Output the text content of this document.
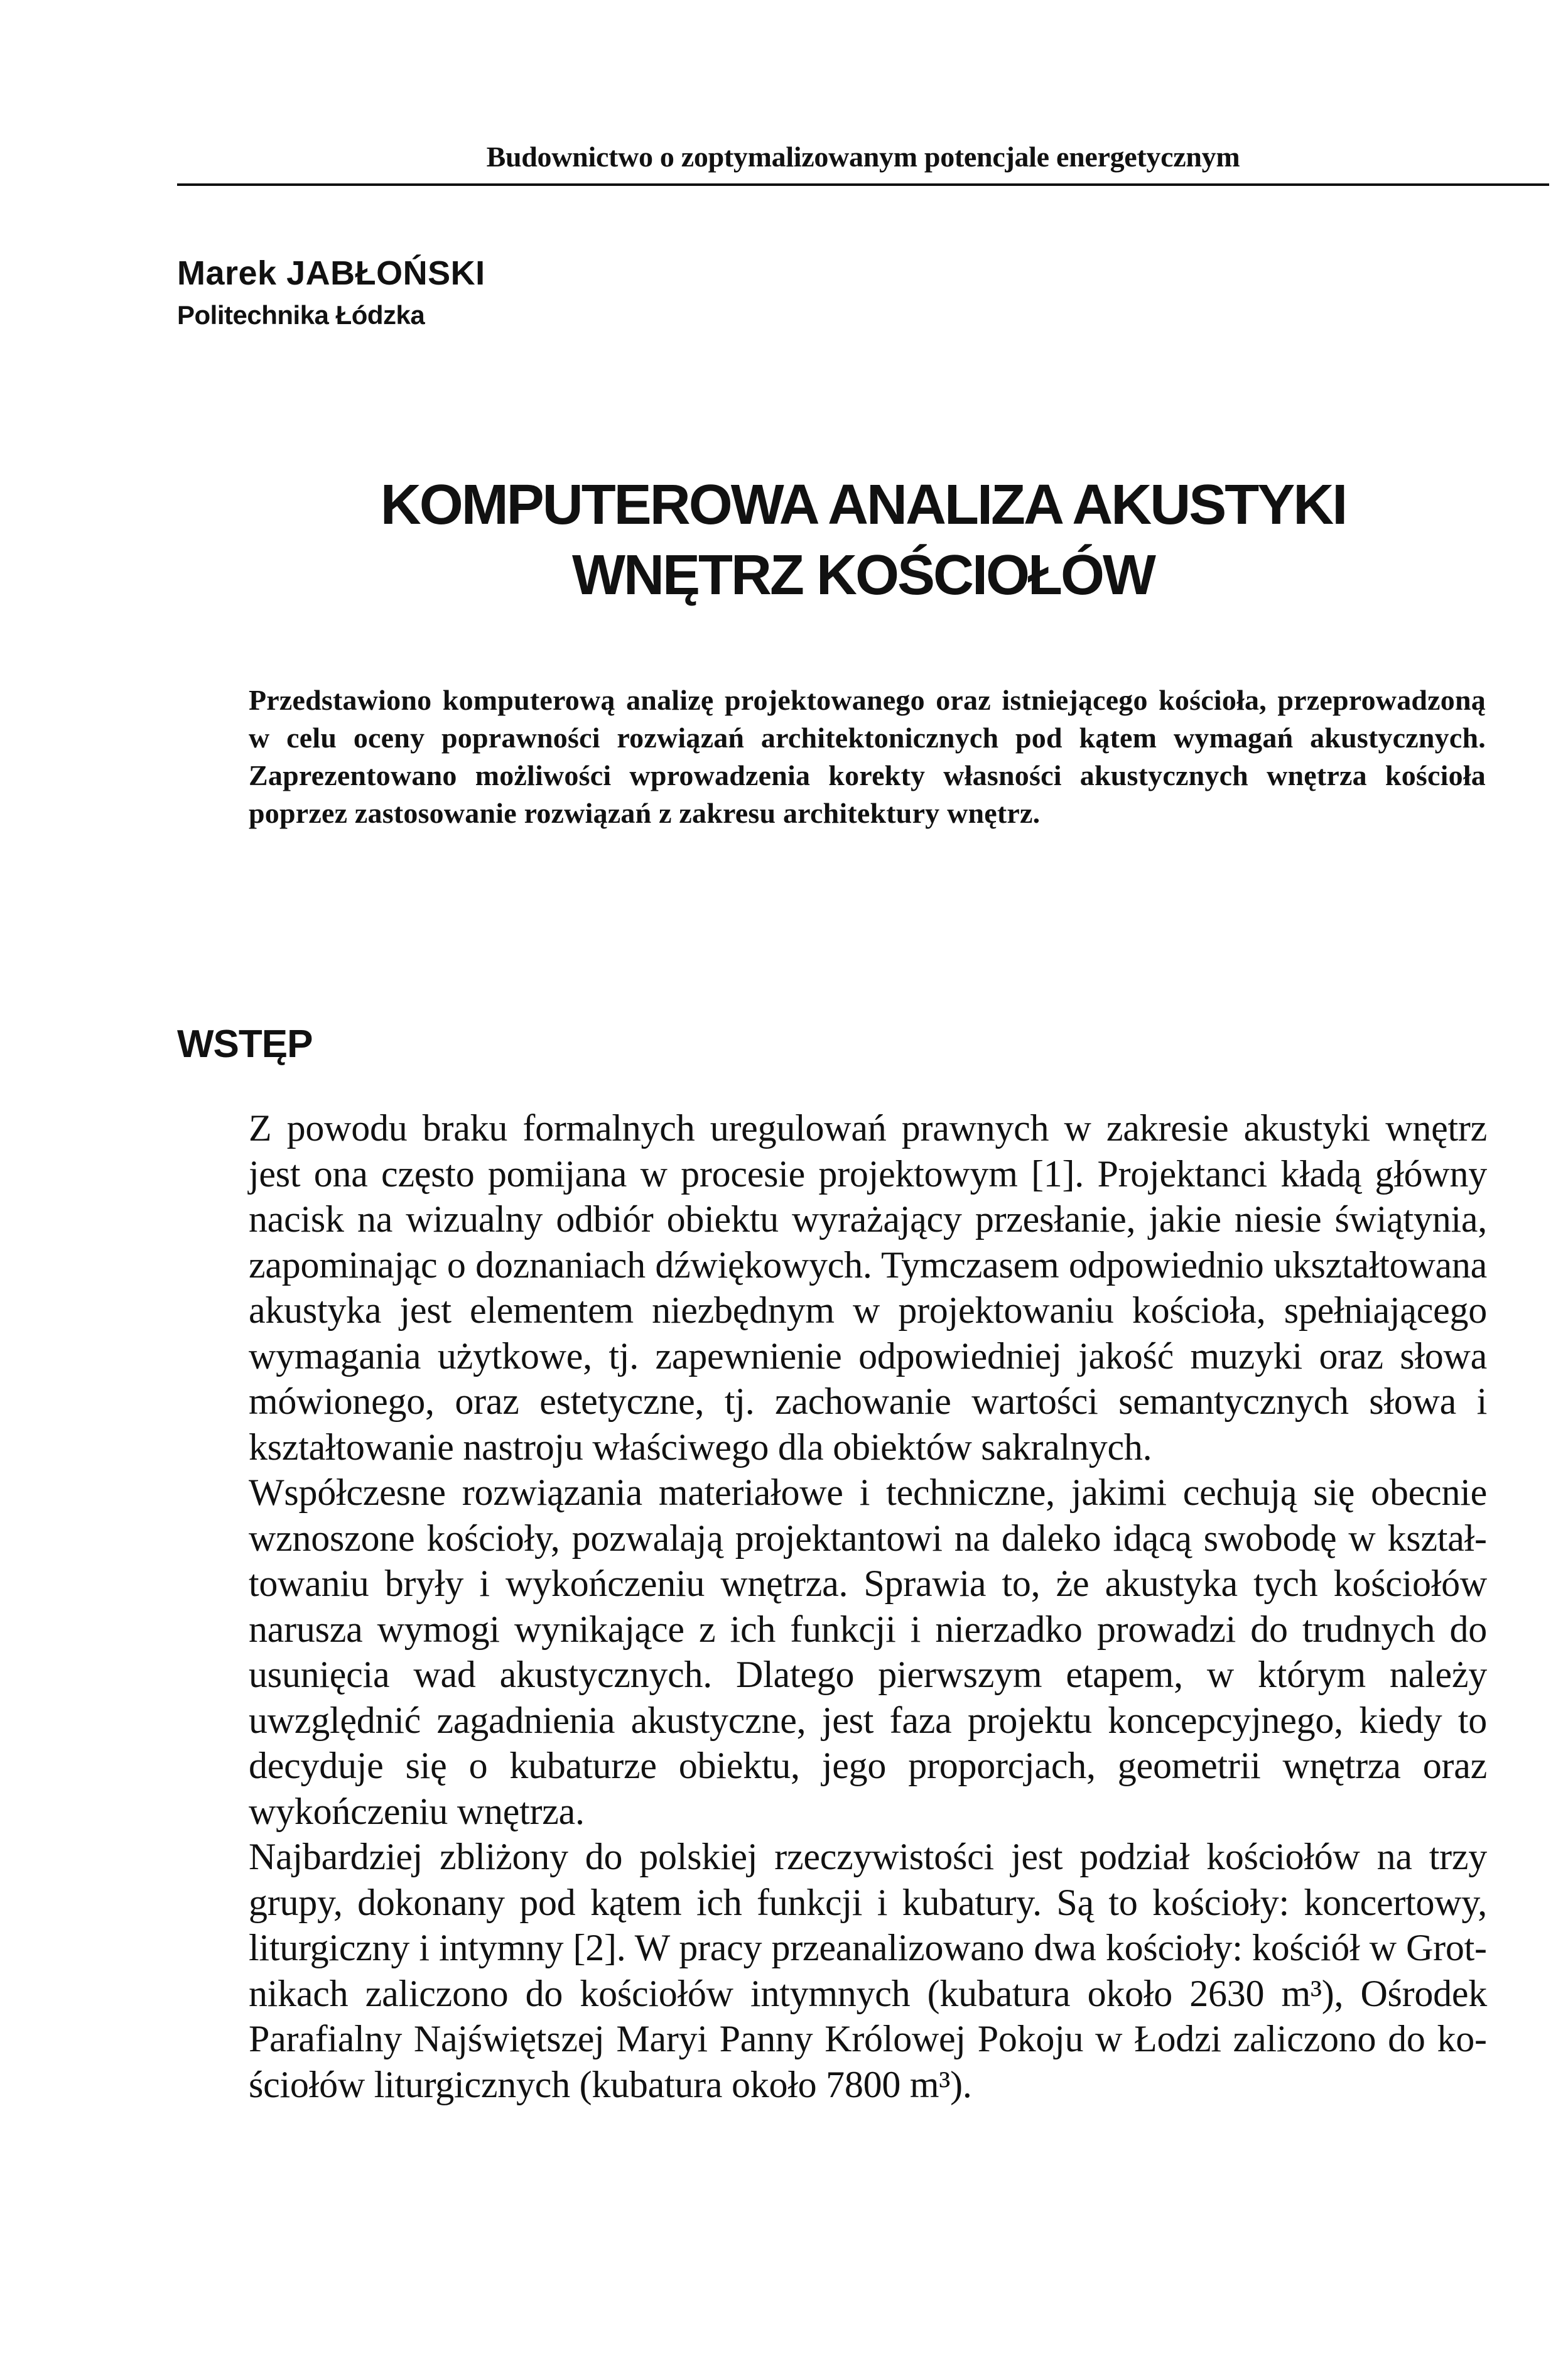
Budownictwo o zoptymalizowanym potencjale energetycznym
Marek JABŁOŃSKI
Politechnika Łódzka
KOMPUTEROWA ANALIZA AKUSTYKI
WNĘTRZ KOŚCIOŁÓW

Przedstawiono komputerową analizę projektowanego oraz istniejącego kościoła, przeprowadzoną w celu oceny poprawności rozwiązań architektonicznych pod kątem wymagań akustycznych. Zaprezentowano możliwości wprowadzenia korekty własności akustycznych wnętrza kościoła poprzez zastosowanie rozwiązań z zakresu architektury wnętrz.

WSTĘP

Z powodu braku formalnych uregulowań prawnych w zakresie akustyki wnętrz jest ona często pomijana w procesie projektowym [1]. Projektanci kładą główny nacisk na wizualny odbiór obiektu wyrażający przesłanie, jakie niesie świątynia, zapominając o doznaniach dźwiękowych. Tymczasem odpowiednio ukształtowana akustyka jest elementem niezbędnym w projektowaniu kościoła, spełniającego wymagania użytkowe, tj. zapewnienie odpowiedniej jakość muzyki oraz słowa mówionego, oraz estetyczne, tj. zachowanie wartości semantycznych słowa i kształtowanie nastroju właściwego dla obiektów sakralnych.

Współczesne rozwiązania materiałowe i techniczne, jakimi cechują się obecnie wznoszone kościoły, pozwalają projektantowi na daleko idącą swobodę w kształtowaniu bryły i wykończeniu wnętrza. Sprawia to, że akustyka tych kościołów narusza wymogi wynikające z ich funkcji i nierzadko prowadzi do trudnych do usunięcia wad akustycznych. Dlatego pierwszym etapem, w którym należy uwzględnić zagadnienia akustyczne, jest faza projektu koncepcyjnego, kiedy to decyduje się o kubaturze obiektu, jego proporcjach, geometrii wnętrza oraz wykończeniu wnętrza.

Najbardziej zbliżony do polskiej rzeczywistości jest podział kościołów na trzy grupy, dokonany pod kątem ich funkcji i kubatury. Są to kościoły: koncertowy, liturgiczny i intymny [2]. W pracy przeanalizowano dwa kościoły: kościół w Grotnikach zaliczono do kościołów intymnych (kubatura około 2630 m³), Ośrodek Parafialny Najświętszej Maryi Panny Królowej Pokoju w Łodzi zaliczono do kościołów liturgicznych (kubatura około 7800 m³).
